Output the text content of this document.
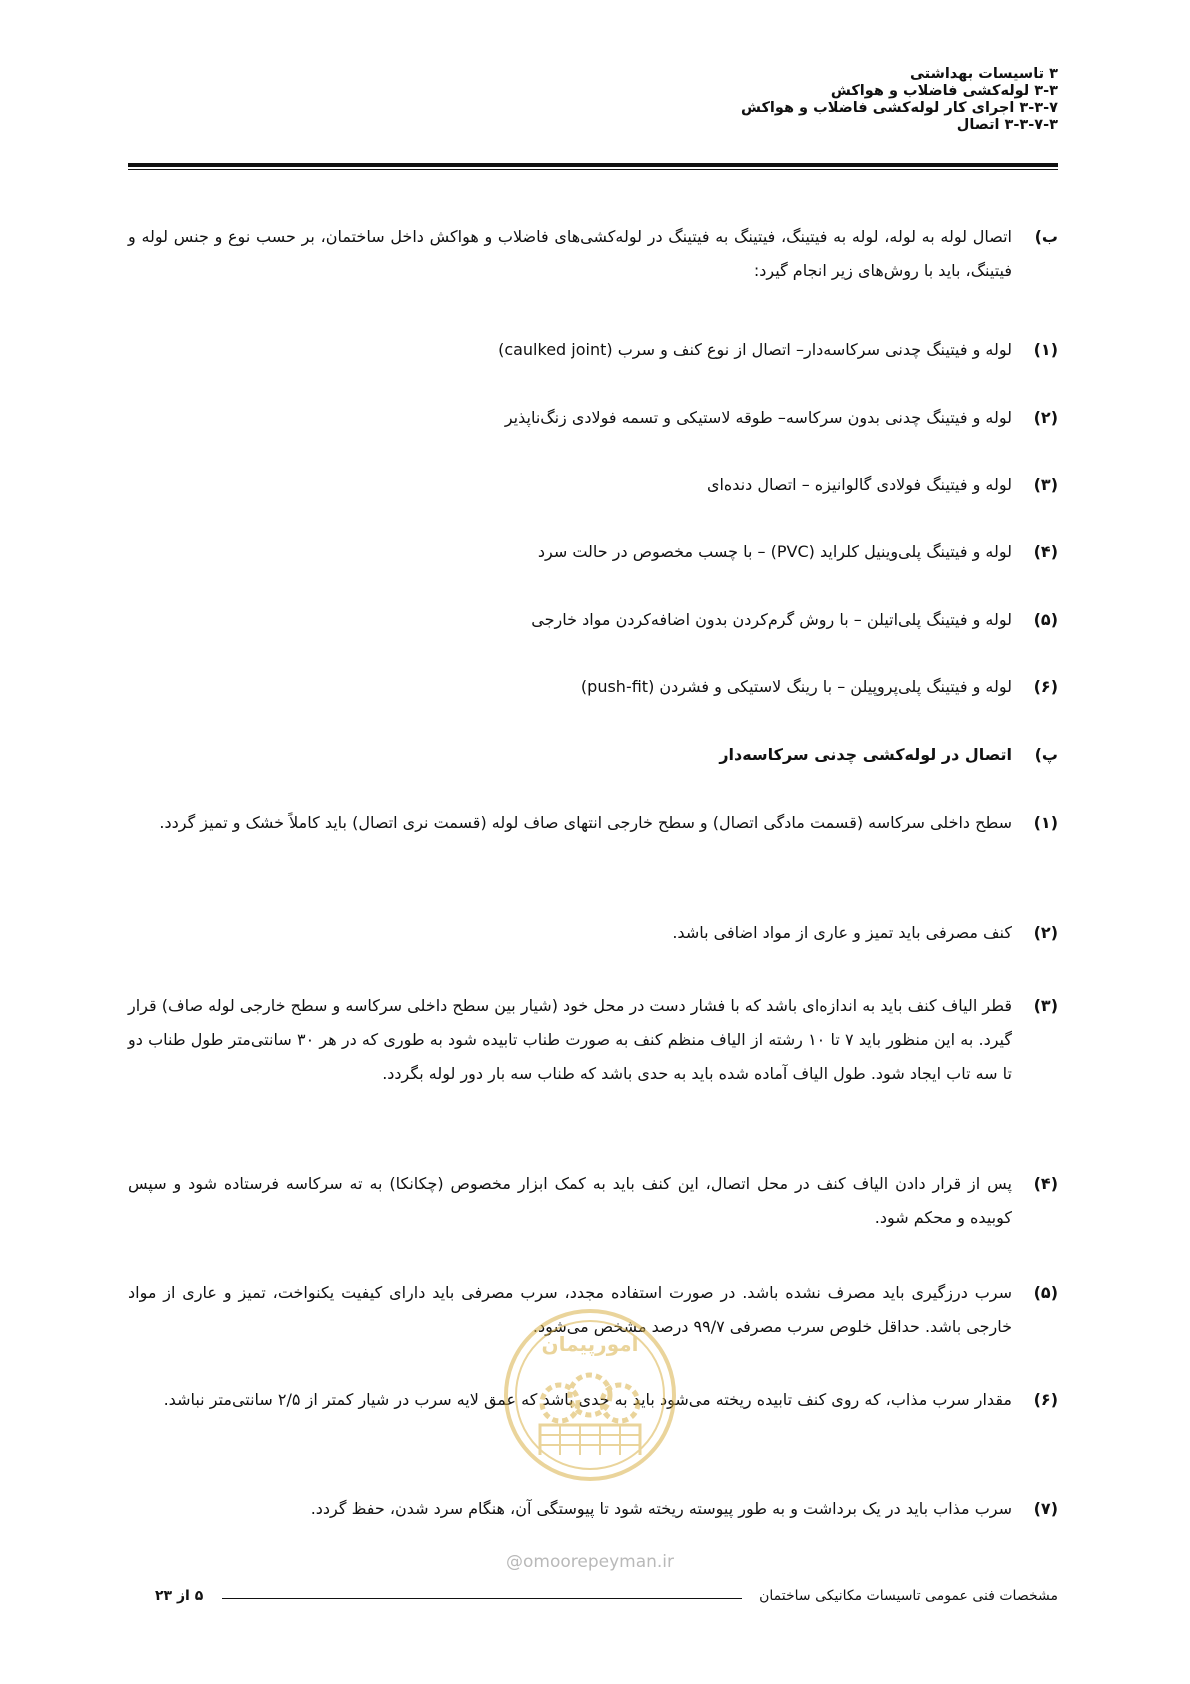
۳ تاسیسات بهداشتی
۳-۳ لوله‌کشی فاضلاب و هواکش
۳-۳-۷ اجرای کار لوله‌کشی فاضلاب و هواکش
۳-۳-۷-۳ اتصال
ب)
اتصال لوله به لوله، لوله به فیتینگ، فیتینگ به فیتینگ در لوله‌کشی‌های فاضلاب و هواکش داخل ساختمان، بر حسب نوع و جنس لوله و فیتینگ، باید با روش‌های زیر انجام گیرد:
(۱)
لوله و فیتینگ چدنی سرکاسه‌دار– اتصال از نوع کنف و سرب (caulked joint)
(۲)
لوله و فیتینگ چدنی بدون سرکاسه– طوقه لاستیکی و تسمه فولادی زنگ‌ناپذیر
(۳)
لوله و فیتینگ فولادی گالوانیزه – اتصال دنده‌ای
(۴)
لوله و فیتینگ پلی‌وینیل کلراید (PVC) – با چسب مخصوص در حالت سرد
(۵)
لوله و فیتینگ پلی‌اتیلن – با روش گرم‌کردن بدون اضافه‌کردن مواد خارجی
(۶)
لوله و فیتینگ پلی‌پروپیلن – با رینگ لاستیکی و فشردن (push-fit)
پ)
اتصال در لوله‌کشی چدنی سرکاسه‌دار
(۱)
سطح داخلی سرکاسه (قسمت مادگی اتصال) و سطح خارجی انتهای صاف لوله (قسمت نری اتصال) باید کاملاً خشک و تمیز گردد.
(۲)
کنف مصرفی باید تمیز و عاری از مواد اضافی باشد.
(۳)
قطر الیاف کنف باید به اندازه‌ای باشد که با فشار دست در محل خود (شیار بین سطح داخلی سرکاسه و سطح خارجی لوله صاف) قرار گیرد. به این منظور باید ۷ تا ۱۰ رشته از الیاف منظم کنف به صورت طناب تابیده شود به طوری که در هر ۳۰ سانتی‌متر طول طناب دو تا سه تاب ایجاد شود. طول الیاف آماده شده باید به حدی باشد که طناب سه بار دور لوله بگردد.
(۴)
پس از قرار دادن الیاف کنف در محل اتصال، این کنف باید به کمک ابزار مخصوص (چکانکا) به ته سرکاسه فرستاده شود و سپس کوبیده و محکم شود.
(۵)
سرب درزگیری باید مصرف نشده باشد. در صورت استفاده مجدد، سرب مصرفی باید دارای کیفیت یکنواخت، تمیز و عاری از مواد خارجی باشد. حداقل خلوص سرب مصرفی ۹۹/۷ درصد مشخص می‌شود.
(۶)
مقدار سرب مذاب، که روی کنف تابیده ریخته می‌شود باید به حدی باشد که عمق لایه سرب در شیار کمتر از ۲/۵ سانتی‌متر نباشد.
(۷)
سرب مذاب باید در یک برداشت و به طور پیوسته ریخته شود تا پیوستگی آن، هنگام سرد شدن، حفظ گردد.
امورپیمان
@omoorepeyman.ir
مشخصات فنی عمومی تاسیسات مکانیکی ساختمان
۵ از ۲۳
